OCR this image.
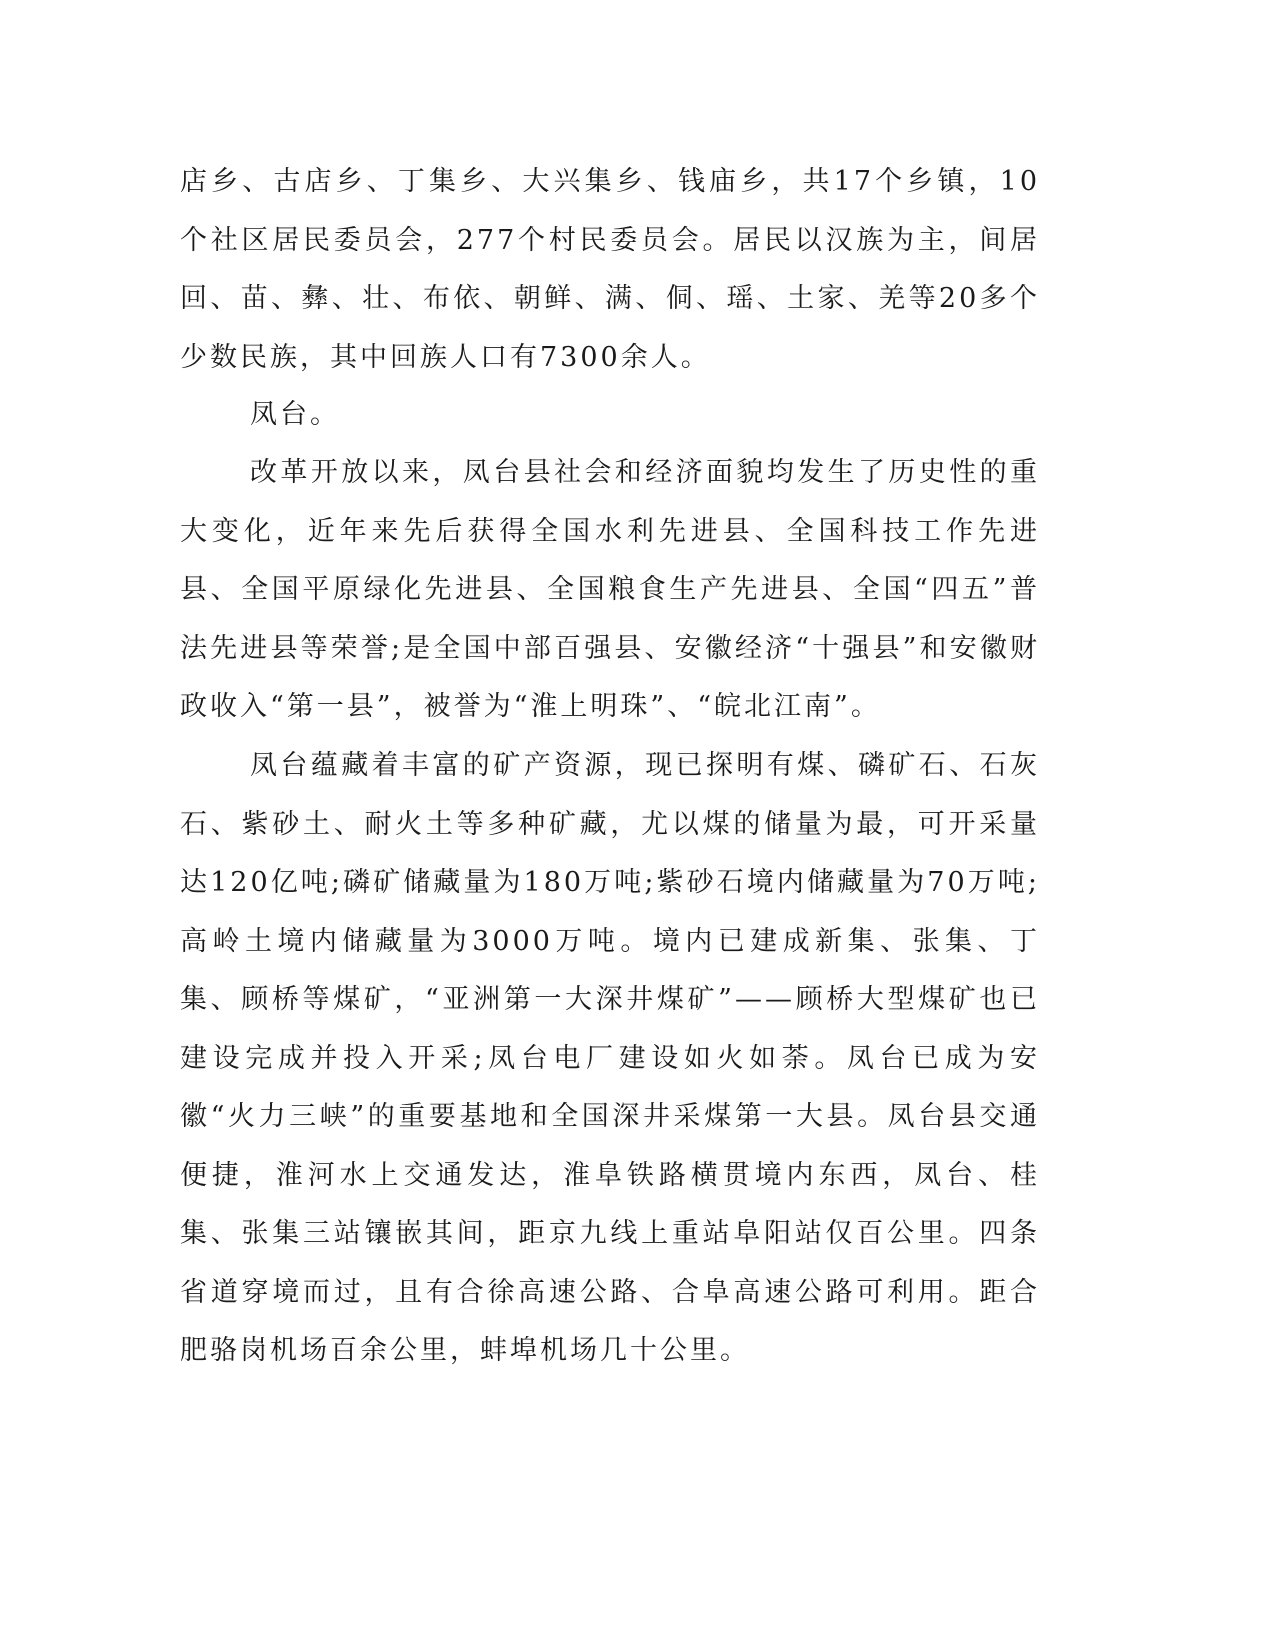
店乡、古店乡、丁集乡、大兴集乡、钱庙乡，共17个乡镇，10个社区居民委员会，277个村民委员会。居民以汉族为主，间居回、苗、彝、壮、布依、朝鲜、满、侗、瑶、土家、羌等20多个少数民族，其中回族人口有7300余人。

凤台。

改革开放以来，凤台县社会和经济面貌均发生了历史性的重大变化，近年来先后获得全国水利先进县、全国科技工作先进县、全国平原绿化先进县、全国粮食生产先进县、全国“四五”普法先进县等荣誉;是全国中部百强县、安徽经济“十强县”和安徽财政收入“第一县”，被誉为“淮上明珠”、“皖北江南”。

凤台蕴藏着丰富的矿产资源，现已探明有煤、磷矿石、石灰石、紫砂土、耐火土等多种矿藏，尤以煤的储量为最，可开采量达120亿吨;磷矿储藏量为180万吨;紫砂石境内储藏量为70万吨;高岭土境内储藏量为3000万吨。境内已建成新集、张集、丁集、顾桥等煤矿，“亚洲第一大深井煤矿”——顾桥大型煤矿也已建设完成并投入开采;凤台电厂建设如火如荼。凤台已成为安徽“火力三峡”的重要基地和全国深井采煤第一大县。凤台县交通便捷，淮河水上交通发达，淮阜铁路横贯境内东西，凤台、桂集、张集三站镶嵌其间，距京九线上重站阜阳站仅百公里。四条省道穿境而过，且有合徐高速公路、合阜高速公路可利用。距合肥骆岗机场百余公里，蚌埠机场几十公里。
